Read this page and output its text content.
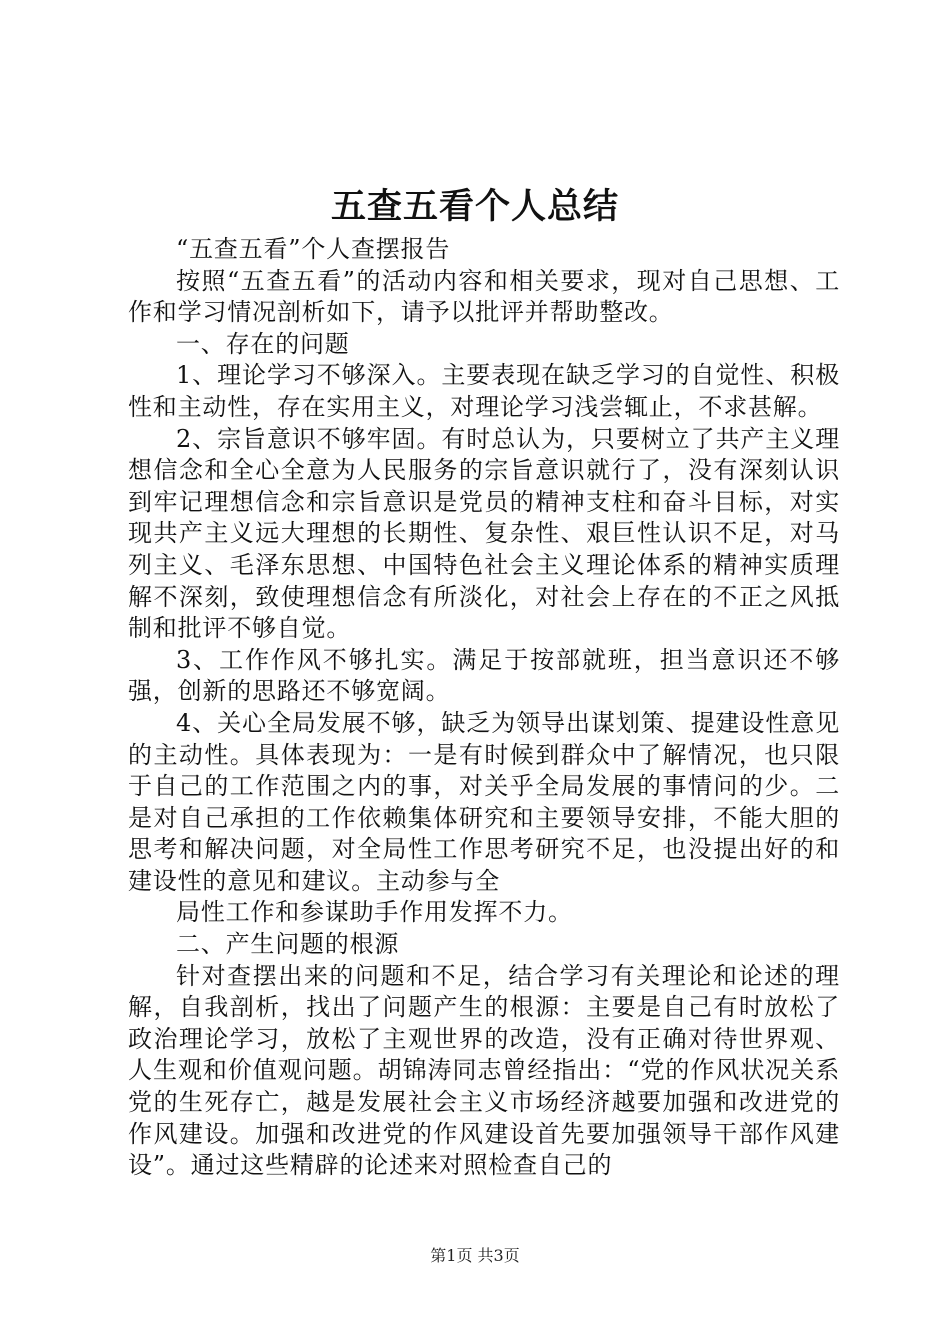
五查五看个人总结

“五查五看”个人查摆报告

按照“五查五看”的活动内容和相关要求，现对自己思想、工作和学习情况剖析如下，请予以批评并帮助整改。

一、存在的问题

1、理论学习不够深入。主要表现在缺乏学习的自觉性、积极性和主动性，存在实用主义，对理论学习浅尝辄止，不求甚解。

2、宗旨意识不够牢固。有时总认为，只要树立了共产主义理想信念和全心全意为人民服务的宗旨意识就行了，没有深刻认识到牢记理想信念和宗旨意识是党员的精神支柱和奋斗目标，对实现共产主义远大理想的长期性、复杂性、艰巨性认识不足，对马列主义、毛泽东思想、中国特色社会主义理论体系的精神实质理解不深刻，致使理想信念有所淡化，对社会上存在的不正之风抵制和批评不够自觉。

3、工作作风不够扎实。满足于按部就班，担当意识还不够强，创新的思路还不够宽阔。

4、关心全局发展不够，缺乏为领导出谋划策、提建设性意见的主动性。具体表现为：一是有时候到群众中了解情况，也只限于自己的工作范围之内的事，对关乎全局发展的事情问的少。二是对自己承担的工作依赖集体研究和主要领导安排，不能大胆的思考和解决问题，对全局性工作思考研究不足，也没提出好的和建设性的意见和建议。主动参与全

局性工作和参谋助手作用发挥不力。

二、产生问题的根源

针对查摆出来的问题和不足，结合学习有关理论和论述的理解，自我剖析，找出了问题产生的根源：主要是自己有时放松了政治理论学习，放松了主观世界的改造，没有正确对待世界观、人生观和价值观问题。胡锦涛同志曾经指出：“党的作风状况关系党的生死存亡，越是发展社会主义市场经济越要加强和改进党的作风建设。加强和改进党的作风建设首先要加强领导干部作风建设”。通过这些精辟的论述来对照检查自己的

第1页 共3页
